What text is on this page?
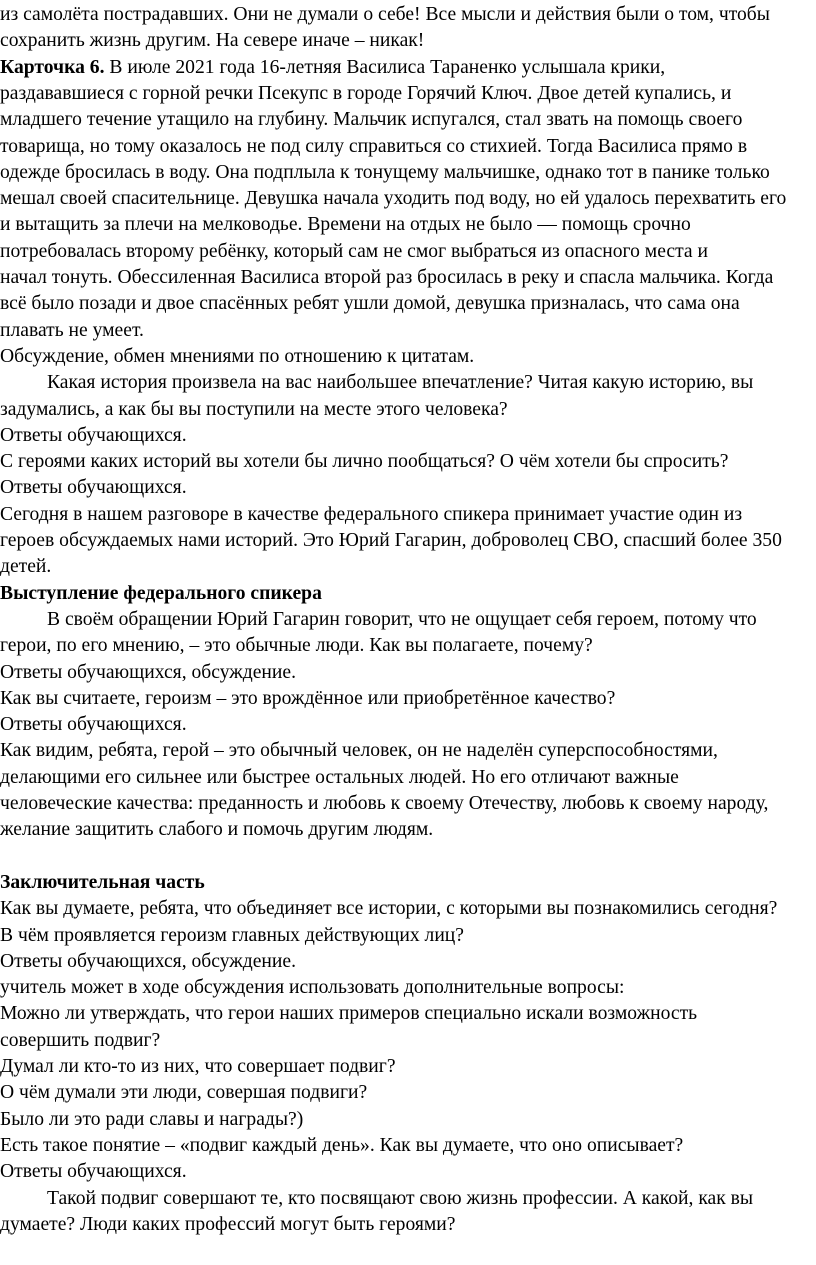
из самолёта пострадавших. Они не думали о себе! Все мысли и действия были о том, чтобы
сохранить жизнь другим. На севере иначе – никак!
Карточка 6. В июле 2021 года 16-летняя Василиса Тараненко услышала крики,
раздававшиеся с горной речки Псекупс в городе Горячий Ключ. Двое детей купались, и
младшего течение утащило на глубину. Мальчик испугался, стал звать на помощь своего
товарища, но тому оказалось не под силу справиться со стихией. Тогда Василиса прямо в
одежде бросилась в воду. Она подплыла к тонущему мальчишке, однако тот в панике только
мешал своей спасительнице. Девушка начала уходить под воду, но ей удалось перехватить его
и вытащить за плечи на мелководье. Времени на отдых не было — помощь срочно
потребовалась второму ребёнку, который сам не смог выбраться из опасного места и
начал тонуть. Обессиленная Василиса второй раз бросилась в реку и спасла мальчика. Когда
всё было позади и двое спасённых ребят ушли домой, девушка призналась, что сама она
плавать не умеет.
Обсуждение, обмен мнениями по отношению к цитатам.
Какая история произвела на вас наибольшее впечатление? Читая какую историю, вы
задумались, а как бы вы поступили на месте этого человека?
Ответы обучающихся.
С героями каких историй вы хотели бы лично пообщаться? О чём хотели бы спросить?
Ответы обучающихся.
Сегодня в нашем разговоре в качестве федерального спикера принимает участие один из
героев обсуждаемых нами историй. Это Юрий Гагарин, доброволец СВО, спасший более 350
детей.
Выступление федерального спикера
В своём обращении Юрий Гагарин говорит, что не ощущает себя героем, потому что
герои, по его мнению, – это обычные люди. Как вы полагаете, почему?
Ответы обучающихся, обсуждение.
Как вы считаете, героизм – это врождённое или приобретённое качество?
Ответы обучающихся.
Как видим, ребята, герой – это обычный человек, он не наделён суперспособностями,
делающими его сильнее или быстрее остальных людей. Но его отличают важные
человеческие качества: преданность и любовь к своему Отечеству, любовь к своему народу,
желание защитить слабого и помочь другим людям.
Заключительная часть
Как вы думаете, ребята, что объединяет все истории, с которыми вы познакомились сегодня?
В чём проявляется героизм главных действующих лиц?
Ответы обучающихся, обсуждение.
учитель может в ходе обсуждения использовать дополнительные вопросы:
Можно ли утверждать, что герои наших примеров специально искали возможность
совершить подвиг?
Думал ли кто-то из них, что совершает подвиг?
О чём думали эти люди, совершая подвиги?
Было ли это ради славы и награды?)
Есть такое понятие – «подвиг каждый день». Как вы думаете, что оно описывает?
Ответы обучающихся.
Такой подвиг совершают те, кто посвящают свою жизнь профессии. А какой, как вы
думаете? Люди каких профессий могут быть героями?
